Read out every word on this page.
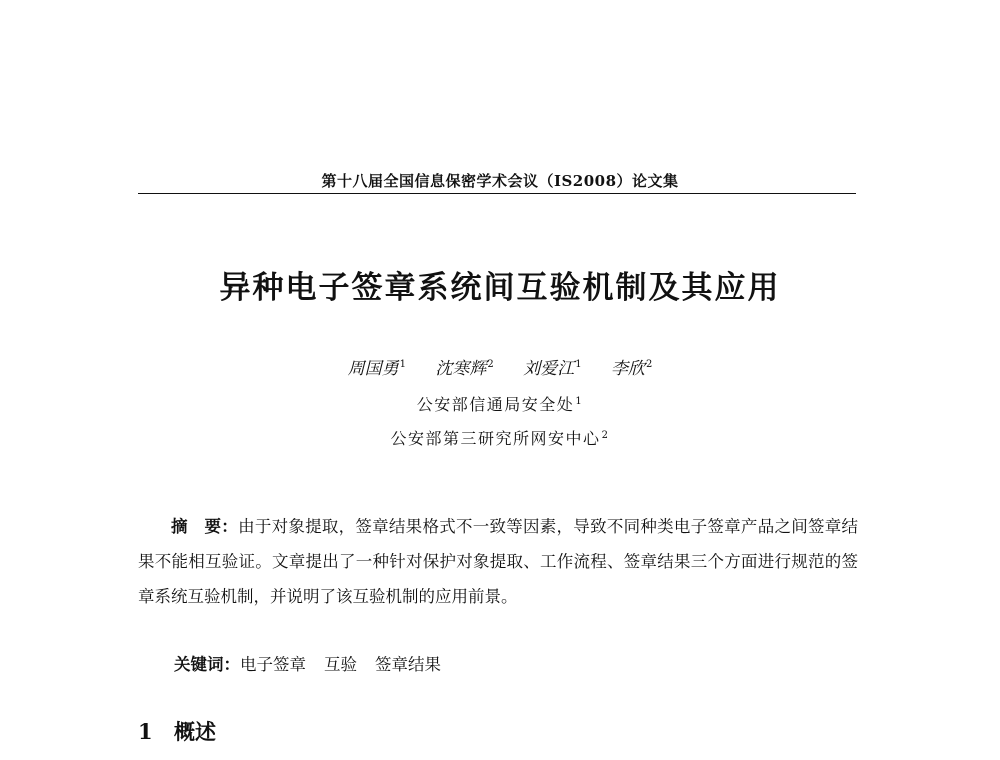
第十八届全国信息保密学术会议（IS2008）论文集
异种电子签章系统间互验机制及其应用
周国勇$^1$ 沈寒辉$^2$ 刘爱江$^1$ 李欣$^2$
公安部信通局安全处$^1$
公安部第三研究所网安中心$^2$
摘　要：由于对象提取，签章结果格式不一致等因素，导致不同种类电子签章产品之间签章结果不能相互验证。文章提出了一种针对保护对象提取、工作流程、签章结果三个方面进行规范的签章系统互验机制，并说明了该互验机制的应用前景。
关键词：电子签章 互验 签章结果
1 概述
